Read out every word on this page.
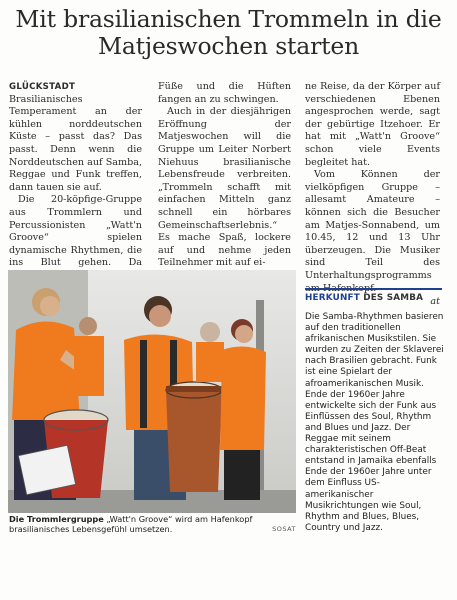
Mit brasilianischen Trommeln in die Matjeswochen starten

GLÜCKSTADT Brasilianisches Temperament an der kühlen norddeutschen Küste – passt das? Das passt. Denn wenn die Norddeutschen auf Samba, Reggae und Funk treffen, dann tauen sie auf.

Die 20-köpfige-Gruppe aus Trommlern und Percussionisten „Watt'n Groove“ spielen dynamische Rhythmen, die ins Blut gehen. Da

Füße und die Hüften fangen an zu schwingen.

Auch in der diesjährigen Eröffnung der Matjeswochen will die Gruppe um Leiter Norbert Niehuus brasilianische Lebensfreude verbreiten. „Trommeln schafft mit einfachen Mitteln ganz schnell ein hörbares Gemeinschaftserlebnis.“ Es mache Spaß, lockere auf und nehme jeden Teilnehmer mit auf ei-

ne Reise, da der Körper auf verschiedenen Ebenen angesprochen werde, sagt der gebürtige Itzehoer. Er hat mit „Watt'n Groove“ schon viele Events begleitet hat.

Vom Können der vielköpfigen Gruppe – allesamt Amateure – können sich die Besucher am Matjes-Sonnabend, um 10.45, 12 und 13 Uhr überzeugen. Die Musiker sind Teil des Unterhaltungsprogramms

at
Die Trommlergruppe „Watt'n Groove“ wird am Hafenkopf brasilianisches Lebensgefühl umsetzen.	SOSAT
HERKUNFT DES SAMBA
Die Samba-Rhythmen basieren auf den traditionellen afrikanischen Musikstilen. Sie wurden zu Zeiten der Sklaverei nach Brasilien gebracht. Funk ist eine Spielart der afroamerikanischen Musik. Ende der 1960er Jahre entwickelte sich der Funk aus Einflüssen des Soul, Rhythm and Blues und Jazz. Der Reggae mit seinem charakteristischen Off-Beat entstand in Jamaika ebenfalls Ende der 1960er Jahre unter dem Einfluss US-amerikanischer Musikrichtungen wie Soul, Rhythm and Blues, Blues, Country und Jazz.
